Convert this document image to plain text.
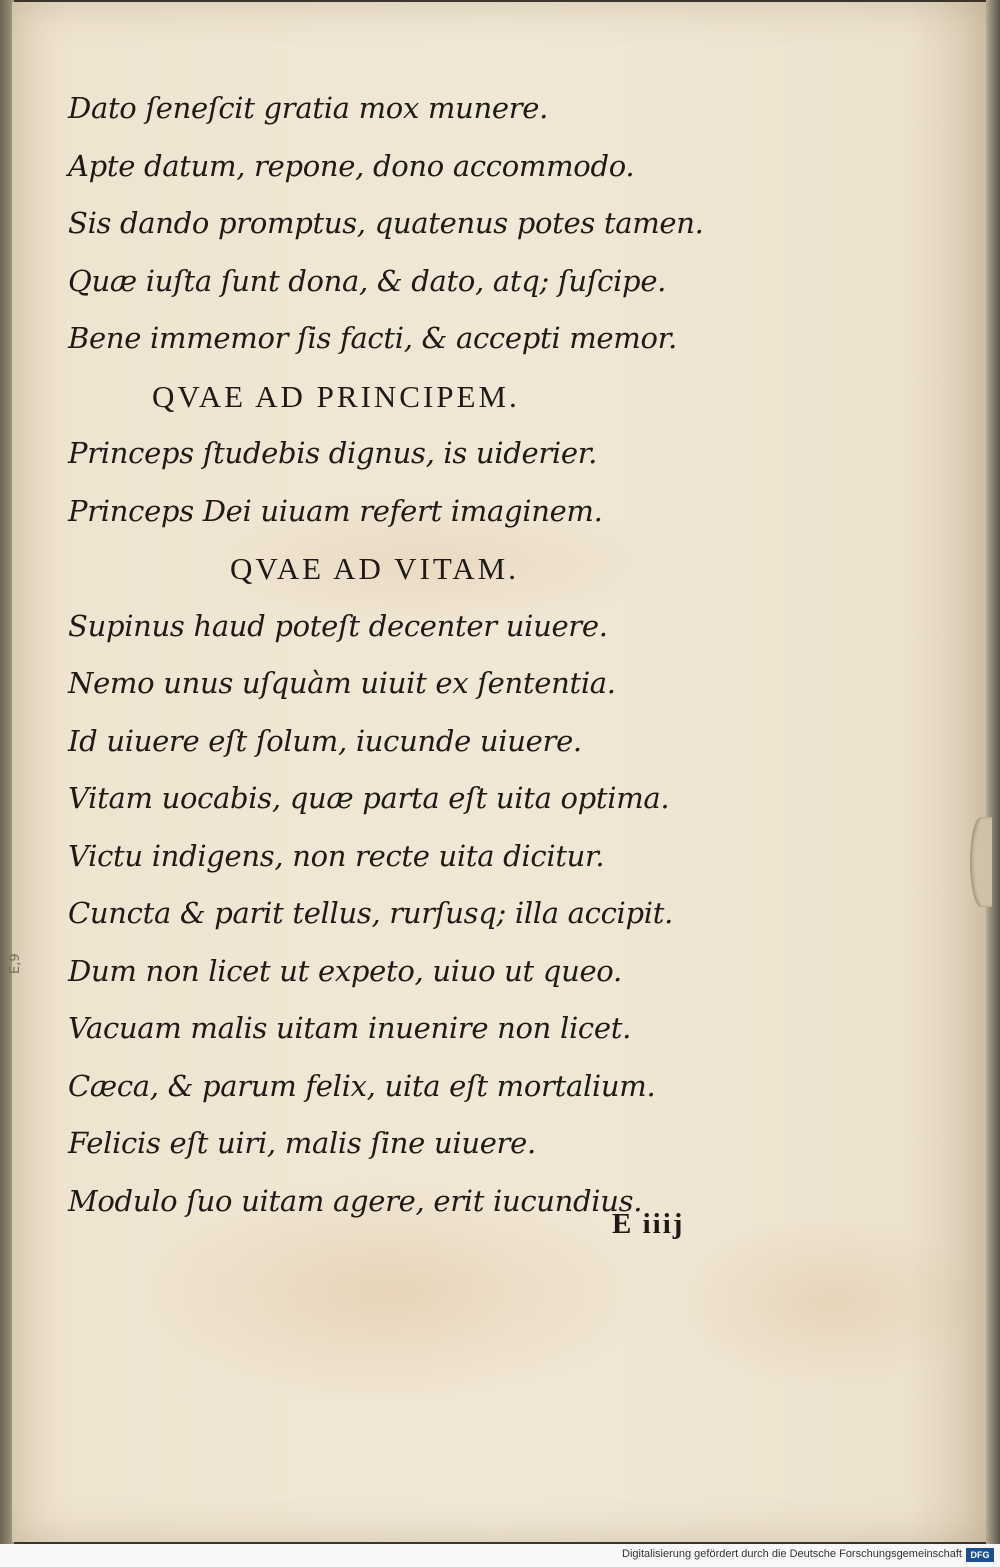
E,9
Dato ſeneſcit gratia mox munere.
Apte datum, repone, dono accommodo.
Sis dando promptus, quatenus potes tamen.
Quæ iuſta ſunt dona, & dato, atq; ſuſcipe.
Bene immemor ſis facti, & accepti memor.
QVAE AD PRINCIPEM.
Princeps ſtudebis dignus, is uiderier.
Princeps Dei uiuam refert imaginem.
QVAE AD VITAM.
Supinus haud poteſt decenter uiuere.
Nemo unus uſquàm uiuit ex ſententia.
Id uiuere eſt ſolum, iucunde uiuere.
Vitam uocabis, quæ parta eſt uita optima.
Victu indigens, non recte uita dicitur.
Cuncta & parit tellus, rurſusq; illa accipit.
Dum non licet ut expeto, uiuo ut queo.
Vacuam malis uitam inuenire non licet.
Cæca, & parum felix, uita eſt mortalium.
Felicis eſt uiri, malis ſine uiuere.
Modulo ſuo uitam agere, erit iucundius.
E iiij
Digitalisierung gefördert durch die Deutsche Forschungsgemeinschaft DFG
